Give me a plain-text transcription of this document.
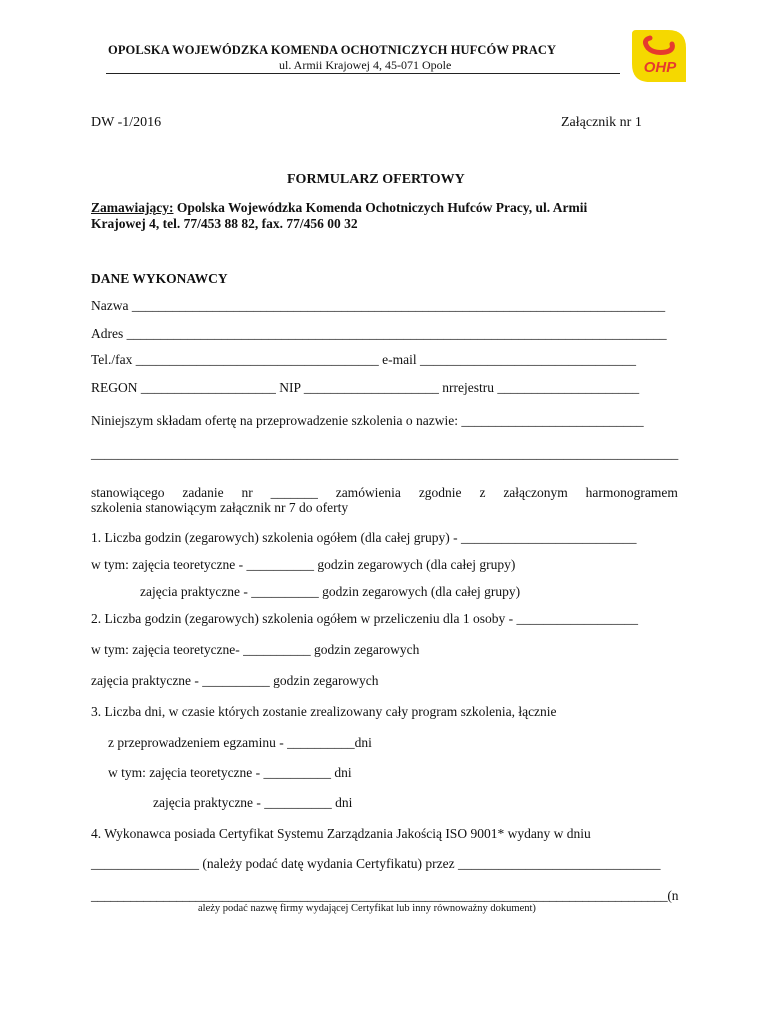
OPOLSKA WOJEWÓDZKA KOMENDA OCHOTNICZYCH HUFCÓW PRACY
ul. Armii Krajowej 4, 45-071 Opole	OHP
DW -1/2016	Załącznik nr 1
FORMULARZ OFERTOWY
Zamawiający: Opolska Wojewódzka Komenda Ochotniczych Hufców Pracy, ul. Armii
Krajowej 4, tel. 77/453 88 82, fax. 77/456 00 32
DANE WYKONAWCY
Nazwa _______________________________________________________________________________
Adres ________________________________________________________________________________
Tel./fax ____________________________________ e-mail ________________________________
REGON ____________________ NIP ____________________ nrrejestru _____________________
Niniejszym składam ofertę na przeprowadzenie szkolenia o nazwie: ___________________________
_______________________________________________________________________________________
stanowiącego zadanie nr _______ zamówienia zgodnie z załączonym harmonogramem
szkolenia stanowiącym załącznik nr 7 do oferty
1. Liczba godzin (zegarowych) szkolenia ogółem (dla całej grupy) - __________________________
w tym: zajęcia teoretyczne - __________ godzin zegarowych (dla całej grupy)
zajęcia praktyczne - __________ godzin zegarowych (dla całej grupy)
2. Liczba godzin (zegarowych) szkolenia ogółem w przeliczeniu dla 1 osoby - __________________
w tym: zajęcia teoretyczne- __________ godzin zegarowych
zajęcia praktyczne - __________ godzin zegarowych
3. Liczba dni, w czasie których zostanie zrealizowany cały program szkolenia, łącznie
z przeprowadzeniem egzaminu - __________dni
w tym: zajęcia teoretyczne - __________ dni
zajęcia praktyczne - __________ dni
4. Wykonawca posiada Certyfikat Systemu Zarządzania Jakością ISO 9001* wydany w dniu
________________ (należy podać datę wydania Certyfikatu) przez ______________________________
________________________________________________________________________________________(n
ależy podać nazwę firmy wydającej Certyfikat lub inny równoważny dokument)
